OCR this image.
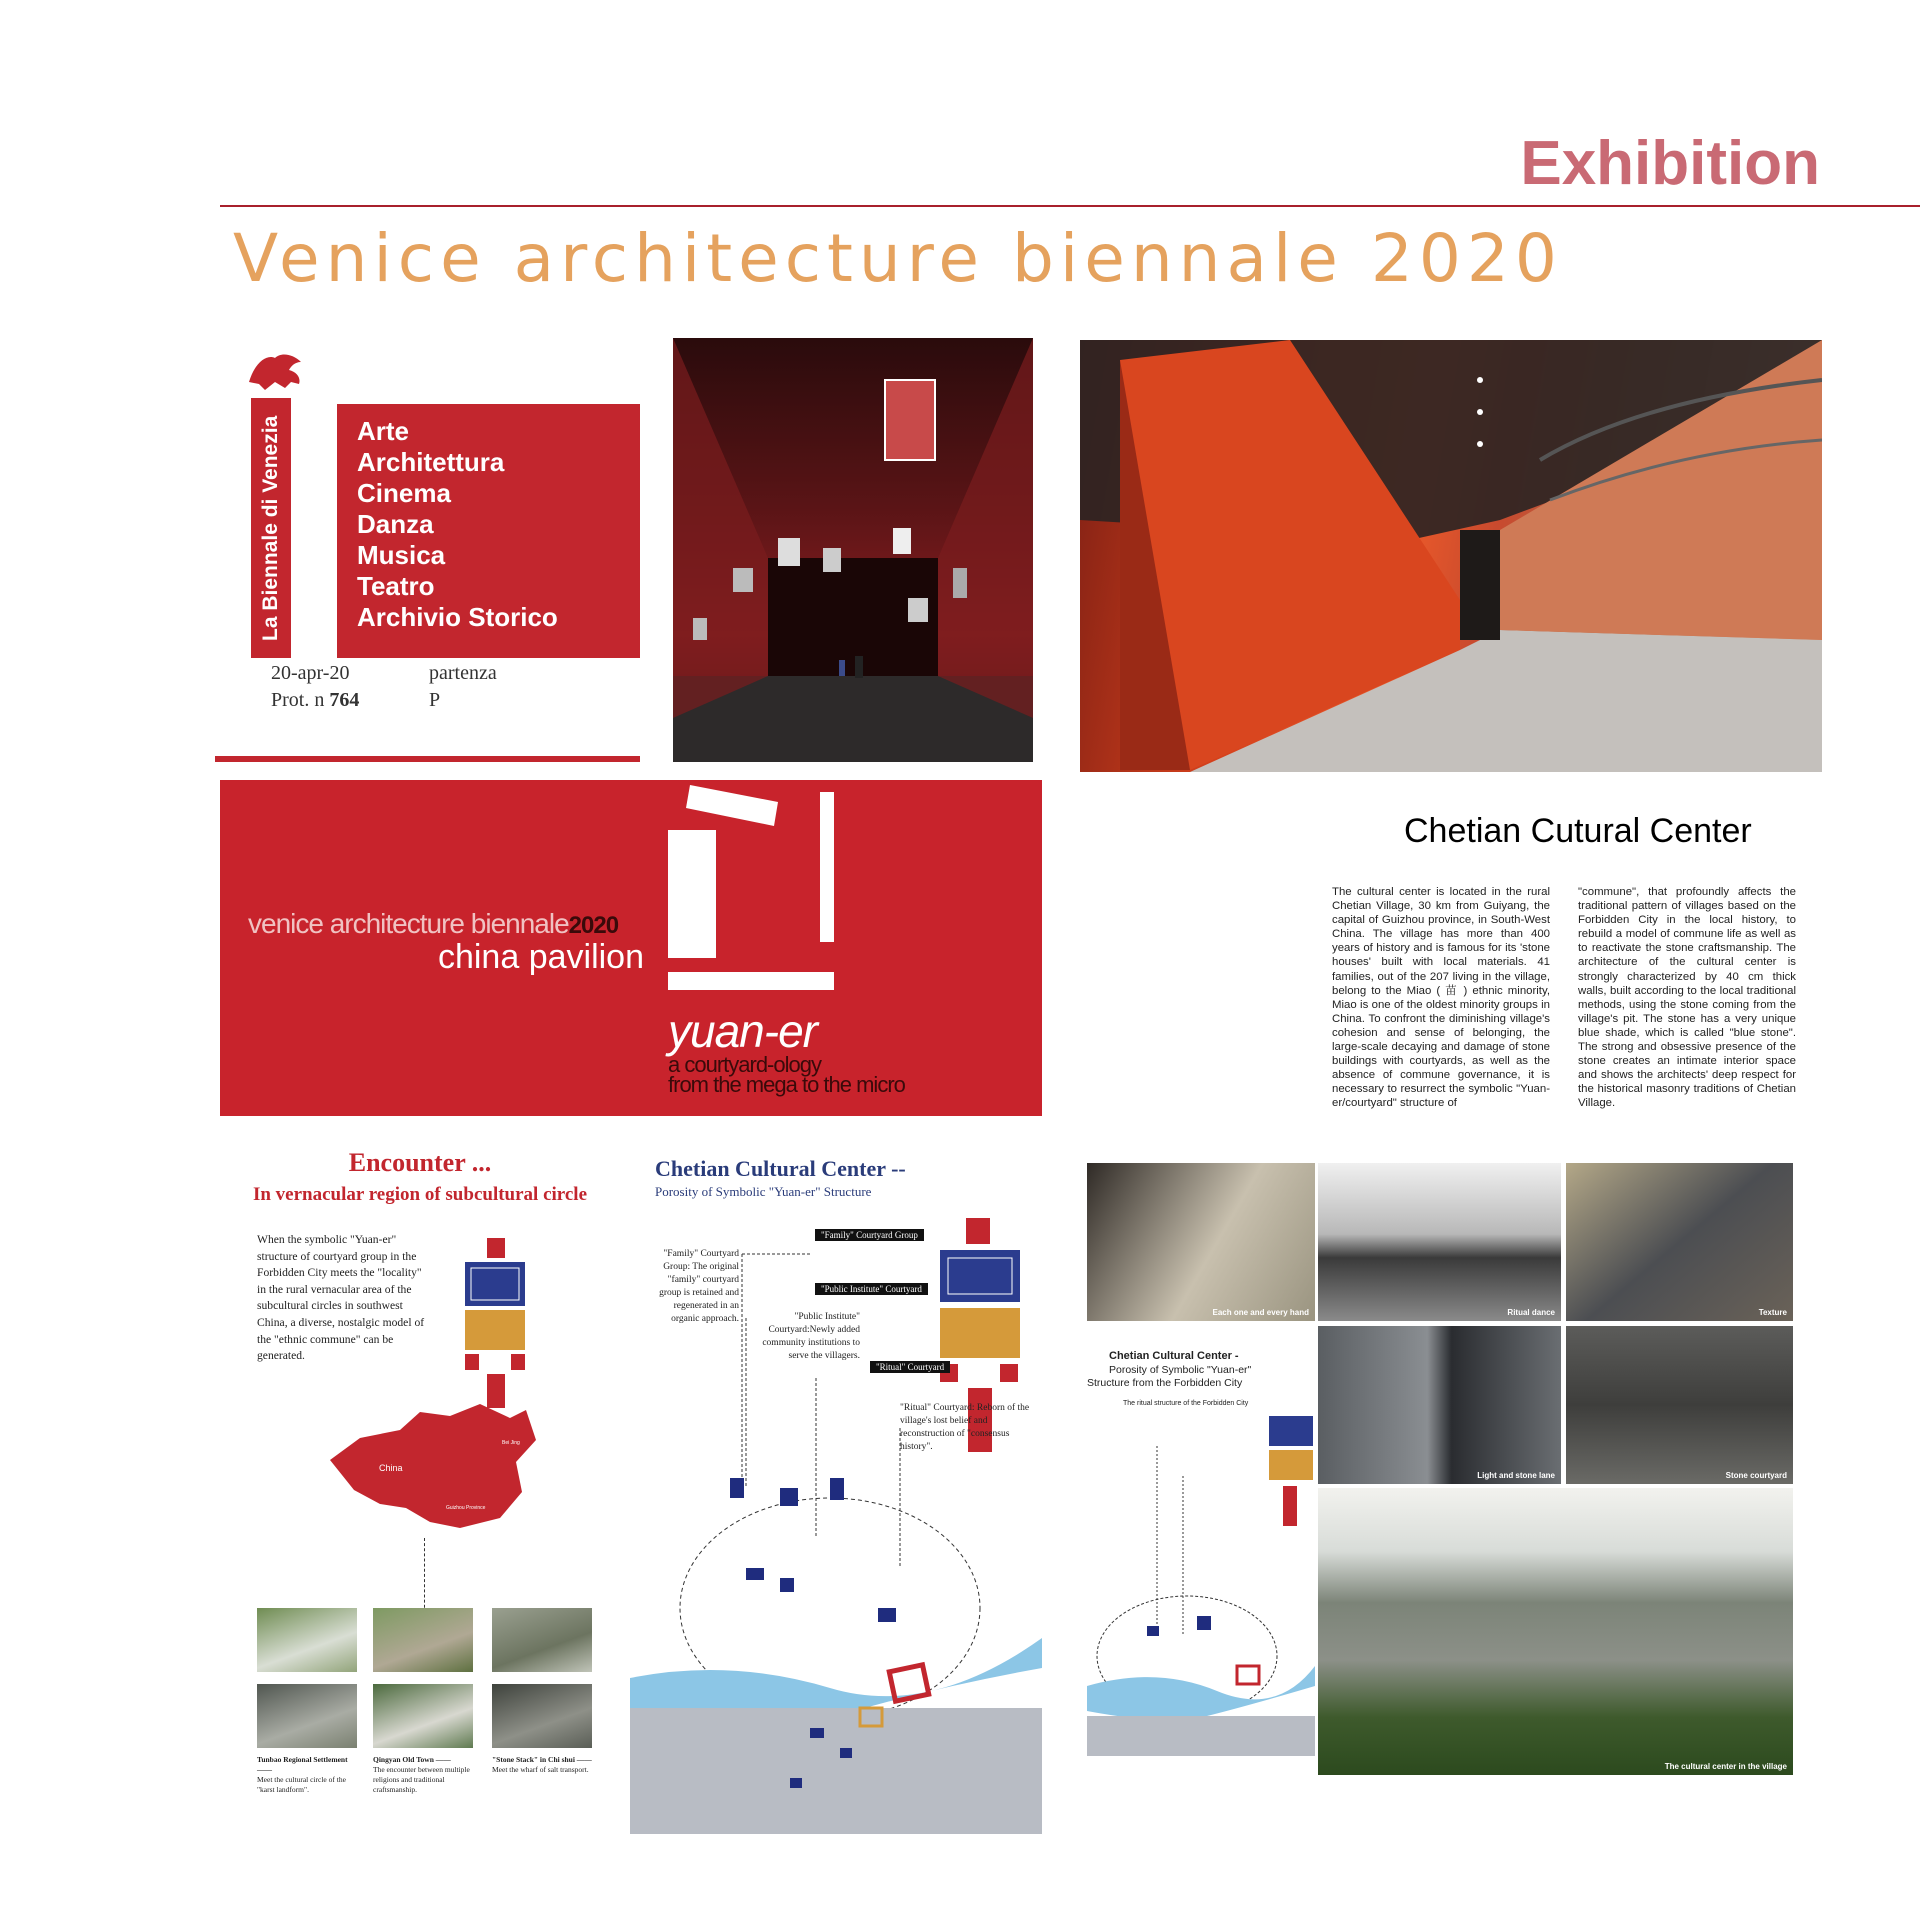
Exhibition
Venice architecture biennale 2020
La Biennale di Venezia	Arte
Architettura
Cinema
Danza
Musica
Teatro
Archivio Storico
20-apr-20
Prot. n 764
partenza
P
venice architecture biennale2020
china pavilion
yuan-er
a courtyard-ology
from the mega to the micro
Chetian Cutural Center
The cultural center is located in the rural Chetian Village, 30 km from Guiyang, the capital of Guizhou province, in South-West China. The village has more than 400 years of history and is famous for its 'stone houses' built with local materials. 41 families, out of the 207 living in the village, belong to the Miao ( 苗 ) ethnic minority, Miao is one of the oldest minority groups in China. To confront the diminishing village's cohesion and sense of belonging, the large-scale decaying and damage of stone buildings with courtyards, as well as the absence of commune governance, it is necessary to resurrect the symbolic "Yuan-er/courtyard" structure of
"commune", that profoundly affects the traditional pattern of villages based on the Forbidden City in the local history, to rebuild a model of commune life as well as to reactivate the stone craftsmanship. The architecture of the cultural center is strongly characterized by 40 cm thick walls, built according to the local traditional methods, using the stone coming from the village's pit. The stone has a very unique blue shade, which is called "blue stone". The strong and obsessive presence of the stone creates an intimate interior space and shows the architects' deep respect for the historical masonry traditions of Chetian Village.
Encounter ...
In vernacular region of subcultural circle
When the symbolic "Yuan-er" structure of courtyard group in the Forbidden City meets the "locality" in the rural vernacular area of the subcultural circles in southwest China, a diverse, nostalgic model of the "ethnic commune" can be generated.
China
Bei Jing
Guizhou Province
Tunbao Regional Settlement ——
Meet the cultural circle of the "karst landform".
Qingyan Old Town ——
The encounter between multiple religions and traditional craftsmanship.
"Stone Stack" in Chi shui ——
Meet the wharf of salt transport.
Chetian Cultural Center --
Porosity of Symbolic "Yuan-er" Structure
"Family" Courtyard Group
"Public Institute" Courtyard
"Ritual" Courtyard
"Family" Courtyard Group: The original "family" courtyard group is retained and regenerated in an organic approach.	"Public Institute" Courtyard:Newly added community institutions to serve the villagers.
"Ritual" Courtyard: Reborn of the village's lost belief and reconstruction of "consensus history".
Each one and every hand	Ritual dance	Texture
Light and stone lane	Stone courtyard
The cultural center in the village
Chetian Cultural Center -
Porosity of Symbolic "Yuan-er"
Structure from the Forbidden City
The ritual structure of the Forbidden City
